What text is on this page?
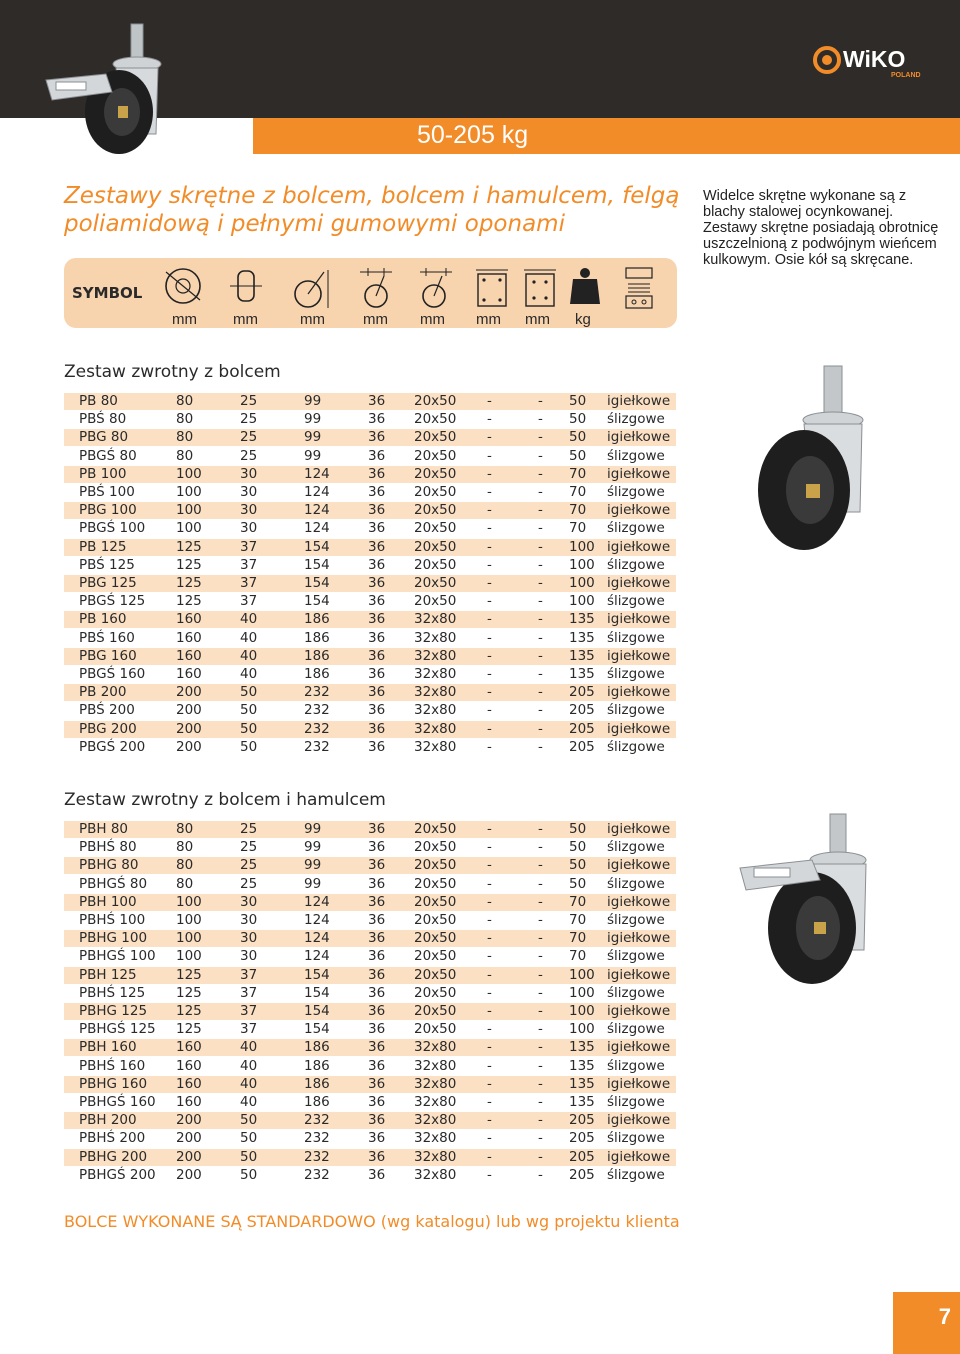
50-205 kg
WiKO
POLAND
Zestawy skrętne z bolcem, bolcem i hamulcem, felgą poliamidową i pełnymi gumowymi oponami
Widelce skrętne wykonane są z blachy stalowej ocynkowanej. Zestawy skrętne posiadają obrotnicę uszczelnioną z podwójnym wieńcem kulkowym. Osie kół są skręcane.
SYMBOL
mm mm	mm	mm mm mm mm kg
Zestaw zwrotny z bolcem
PB 80	80	25	99	36 20x50 -	- 50 igiełkowe
PBŚ 80	80	25	99	36 20x50 -	- 50 ślizgowe
PBG 80	80	25	99	36 20x50 -	- 50 igiełkowe
PBGŚ 80	80	25	99	36 20x50 -	- 50 ślizgowe
PB 100	100	30	124	36 20x50 -	- 70 igiełkowe
PBŚ 100	100	30	124	36 20x50 -	- 70 ślizgowe
PBG 100	100	30	124	36 20x50 -	- 70 igiełkowe
PBGŚ 100 100	30	124	36 20x50 -	- 70 ślizgowe
PB 125	125	37	154	36 20x50 -	- 100 igiełkowe
PBŚ 125	125	37	154	36 20x50 -	- 100 ślizgowe
PBG 125	125	37	154	36 20x50 -	- 100 igiełkowe
PBGŚ 125 125	37	154	36 20x50 -	- 100 ślizgowe
PB 160	160	40	186	36 32x80 -	- 135 igiełkowe
PBŚ 160	160	40	186	36 32x80 -	- 135 ślizgowe
PBG 160	160	40	186	36 32x80 -	- 135 igiełkowe
PBGŚ 160 160	40	186	36 32x80 -	- 135 ślizgowe
PB 200	200	50	232	36 32x80 -	- 205 igiełkowe
PBŚ 200	200	50	232	36 32x80 -	- 205 ślizgowe
PBG 200	200	50	232	36 32x80 -	- 205 igiełkowe
PBGŚ 200 200	50	232	36 32x80 -	- 205 ślizgowe
Zestaw zwrotny z bolcem i hamulcem
PBH 80	80	25	99	36 20x50 -	- 50 igiełkowe
PBHŚ 80	80	25	99	36 20x50 -	- 50 ślizgowe
PBHG 80	80	25	99	36 20x50 -	- 50 igiełkowe
PBHGŚ 80 80	25	99	36 20x50 -	- 50 ślizgowe
PBH 100	100	30	124	36 20x50 -	- 70 igiełkowe
PBHŚ 100 100	30	124	36 20x50 -	- 70 ślizgowe
PBHG 100 100	30	124	36 20x50 -	- 70 igiełkowe
PBHGŚ 100 100	30	124	36 20x50 -	- 70 ślizgowe
PBH 125	125	37	154	36 20x50 -	- 100 igiełkowe
PBHŚ 125 125	37	154	36 20x50 -	- 100 ślizgowe
PBHG 125 125	37	154	36 20x50 -	- 100 igiełkowe
PBHGŚ 125 125	37	154	36 20x50 -	- 100 ślizgowe
PBH 160	160	40	186	36 32x80 -	- 135 igiełkowe
PBHŚ 160 160	40	186	36 32x80 -	- 135 ślizgowe
PBHG 160 160	40	186	36 32x80 -	- 135 igiełkowe
PBHGŚ 160 160	40	186	36 32x80 -	- 135 ślizgowe
PBH 200	200	50	232	36 32x80 -	- 205 igiełkowe
PBHŚ 200 200	50	232	36 32x80 -	- 205 ślizgowe
PBHG 200 200	50	232	36 32x80 -	- 205 igiełkowe
PBHGŚ 200 200	50	232	36 32x80 -	- 205 ślizgowe
BOLCE WYKONANE SĄ STANDARDOWO (wg katalogu) lub wg projektu klienta
7
